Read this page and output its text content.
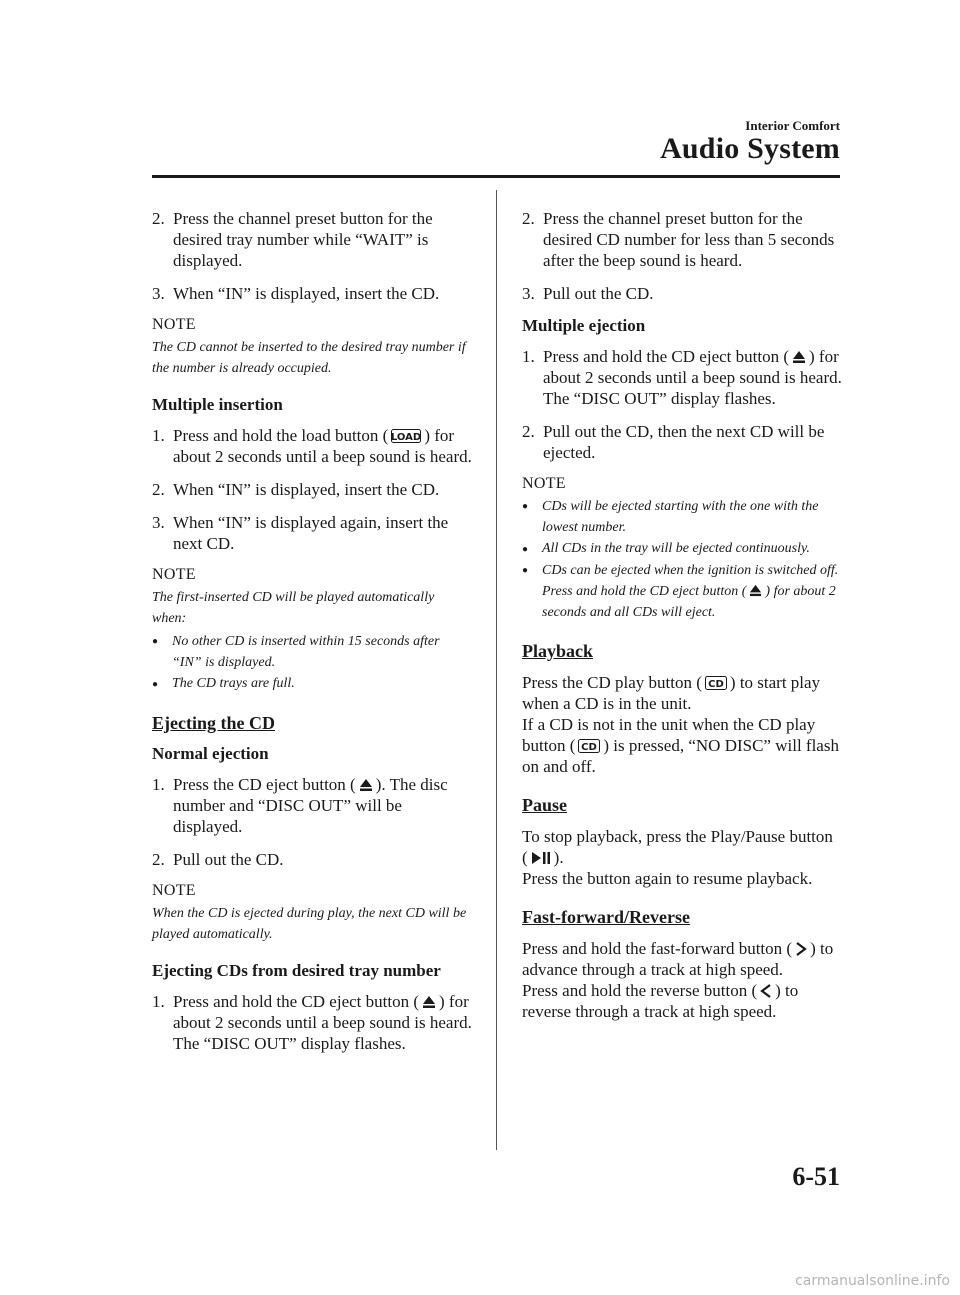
Interior Comfort
Audio System

2. Press the channel preset button for the desired tray number while “WAIT” is displayed.

3. When “IN” is displayed, insert the CD.

NOTE

The CD cannot be inserted to the desired tray number if the number is already occupied.

Multiple insertion

1. Press and hold the load button ( LOAD ) for about 2 seconds until a beep sound is heard.

2. When “IN” is displayed, insert the CD.

3. When “IN” is displayed again, insert the next CD.

NOTE
The first-inserted CD will be played automatically when:
● No other CD is inserted within 15 seconds after “IN” is displayed.
● The CD trays are full.
Ejecting the CD
Normal ejection

1. Press the CD eject button ( ). The disc number and “DISC OUT” will be displayed.

2. Pull out the CD.

NOTE

When the CD is ejected during play, the next CD will be played automatically.

Ejecting CDs from desired tray number

1. Press and hold the CD eject button ( ) for about 2 seconds until a beep sound is heard.
The “DISC OUT” display flashes.

2. Press the channel preset button for the desired CD number for less than 5 seconds after the beep sound is heard.

3. Pull out the CD.

Multiple ejection

1. Press and hold the CD eject button ( ) for about 2 seconds until a beep sound is heard.
The “DISC OUT” display flashes.

2. Pull out the CD, then the next CD will be ejected.

NOTE
● CDs will be ejected starting with the one with the lowest number.
● All CDs in the tray will be ejected continuously.
● CDs can be ejected when the ignition is switched off. Press and hold the CD eject button ( ) for about 2 seconds and all CDs will eject.
Playback

Press the CD play button ( CD ) to start play when a CD is in the unit.

If a CD is not in the unit when the CD play button ( CD ) is pressed, “NO DISC” will flash on and off.

Pause

To stop playback, press the Play/Pause button ( ).

Press the button again to resume playback.

Fast-forward/Reverse

Press and hold the fast-forward button ( ) to advance through a track at high speed.

Press and hold the reverse button ( ) to reverse through a track at high speed.

6-51
carmanualsonline.info
